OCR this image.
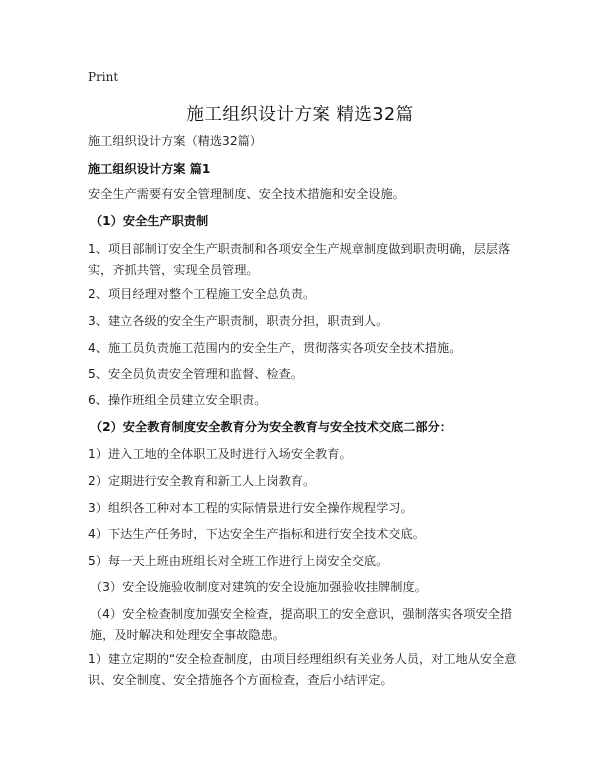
Print
施工组织设计方案 精选32篇
施工组织设计方案（精选32篇）
施工组织设计方案 篇1
安全生产需要有安全管理制度、安全技术措施和安全设施。
（1）安全生产职责制
1、项目部制订安全生产职责制和各项安全生产规章制度做到职责明确，层层落实，齐抓共管，实现全员管理。
2、项目经理对整个工程施工安全总负责。
3、建立各级的安全生产职责制，职责分担，职责到人。
4、施工员负责施工范围内的安全生产，贯彻落实各项安全技术措施。
5、安全员负责安全管理和监督、检查。
6、操作班组全员建立安全职责。
（2）安全教育制度安全教育分为安全教育与安全技术交底二部分：
1）进入工地的全体职工及时进行入场安全教育。
2）定期进行安全教育和新工人上岗教育。
3）组织各工种对本工程的实际情景进行安全操作规程学习。
4）下达生产任务时，下达安全生产指标和进行安全技术交底。
5）每一天上班由班组长对全班工作进行上岗安全交底。
（3）安全设施验收制度对建筑的安全设施加强验收挂牌制度。
（4）安全检查制度加强安全检查，提高职工的安全意识，强制落实各项安全措施，及时解决和处理安全事故隐患。
1）建立定期的“安全检查制度，由项目经理组织有关业务人员，对工地从安全意识、安全制度、安全措施各个方面检查，查后小结评定。
